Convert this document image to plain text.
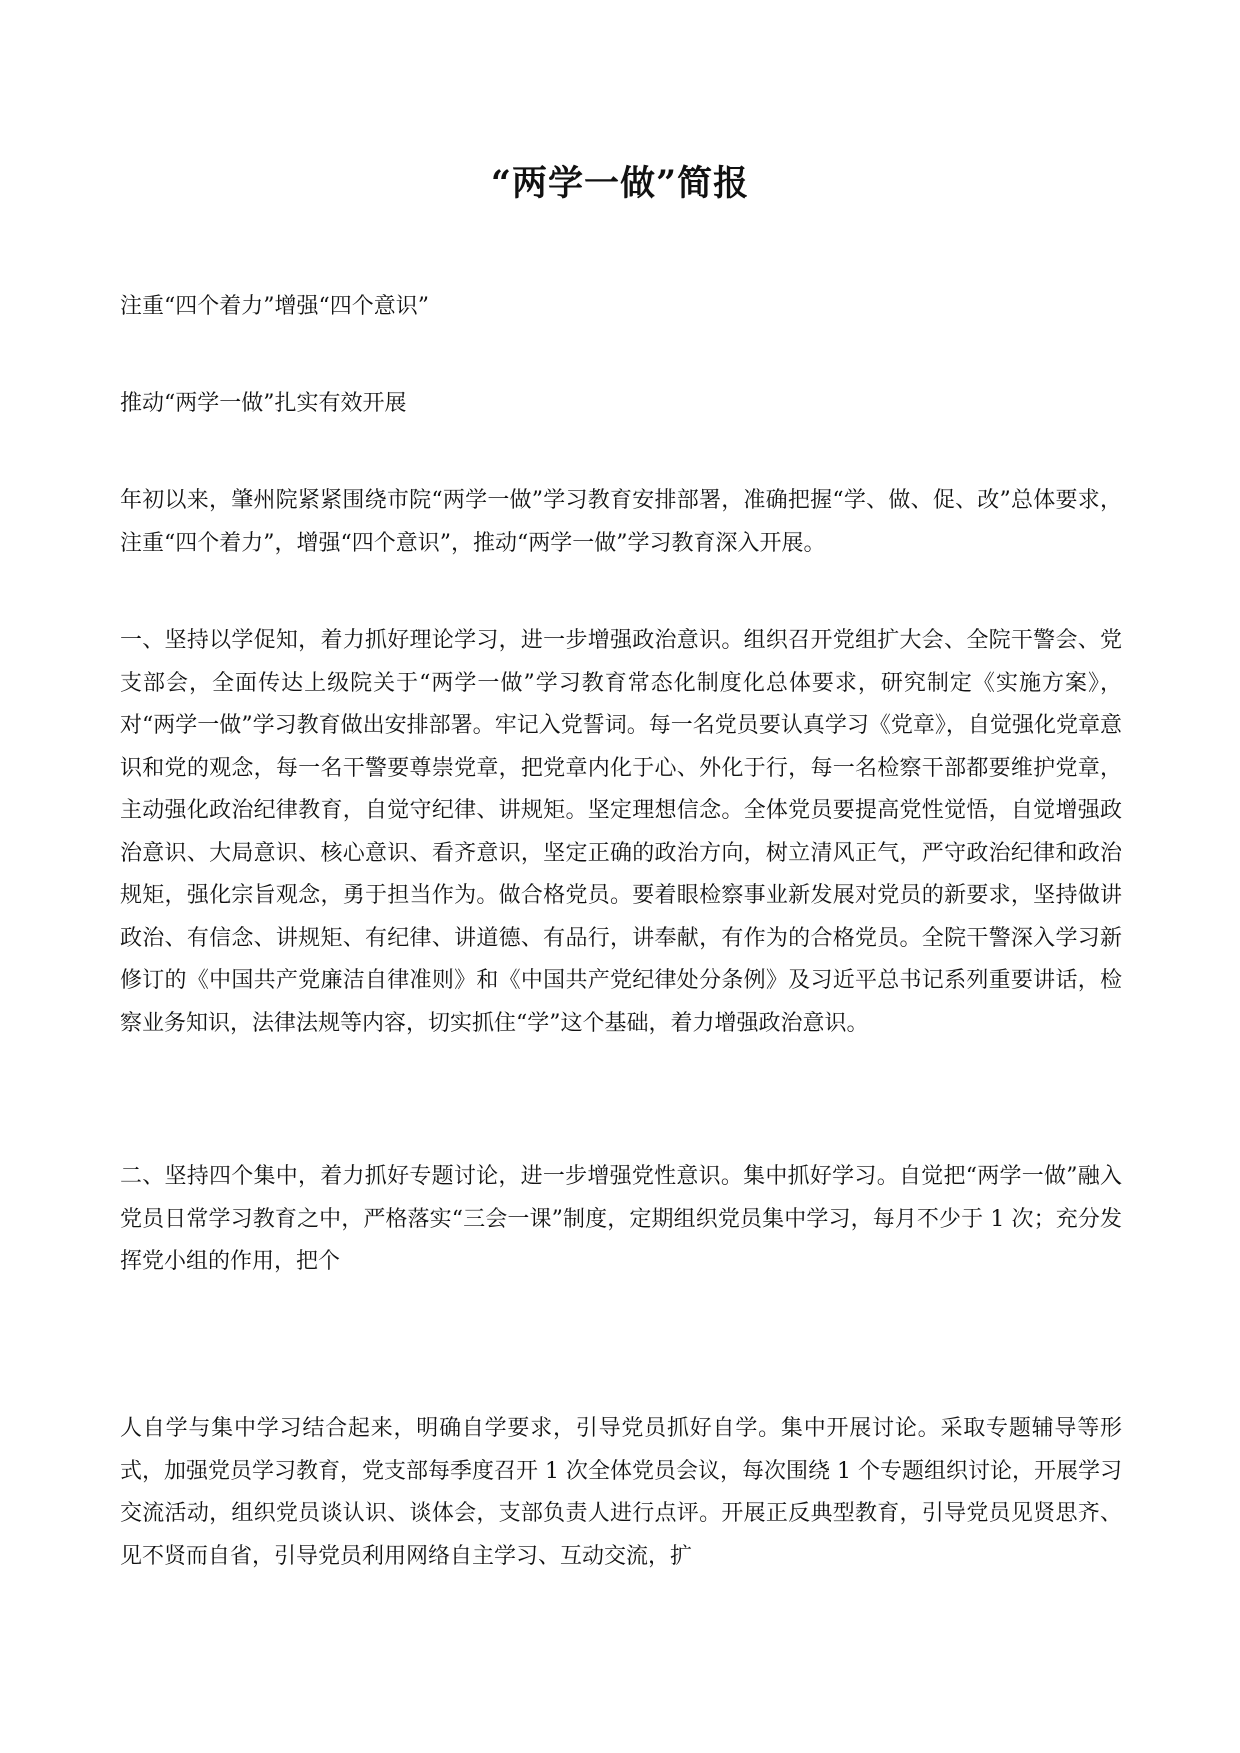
“两学一做”简报

注重“四个着力”增强“四个意识”

推动“两学一做”扎实有效开展

年初以来，肇州院紧紧围绕市院“两学一做”学习教育安排部署，准确把握“学、做、促、改”总体要求，注重“四个着力”，增强“四个意识”，推动“两学一做”学习教育深入开展。

一、坚持以学促知，着力抓好理论学习，进一步增强政治意识。组织召开党组扩大会、全院干警会、党支部会，全面传达上级院关于“两学一做”学习教育常态化制度化总体要求，研究制定《实施方案》，对“两学一做”学习教育做出安排部署。牢记入党誓词。每一名党员要认真学习《党章》，自觉强化党章意识和党的观念，每一名干警要尊崇党章，把党章内化于心、外化于行，每一名检察干部都要维护党章，主动强化政治纪律教育，自觉守纪律、讲规矩。坚定理想信念。全体党员要提高党性觉悟，自觉增强政治意识、大局意识、核心意识、看齐意识，坚定正确的政治方向，树立清风正气，严守政治纪律和政治规矩，强化宗旨观念，勇于担当作为。做合格党员。要着眼检察事业新发展对党员的新要求，坚持做讲政治、有信念、讲规矩、有纪律、讲道德、有品行，讲奉献，有作为的合格党员。全院干警深入学习新修订的《中国共产党廉洁自律准则》和《中国共产党纪律处分条例》及习近平总书记系列重要讲话，检察业务知识，法律法规等内容，切实抓住“学”这个基础，着力增强政治意识。

二、坚持四个集中，着力抓好专题讨论，进一步增强党性意识。集中抓好学习。自觉把“两学一做”融入党员日常学习教育之中，严格落实“三会一课”制度，定期组织党员集中学习，每月不少于 1 次；充分发挥党小组的作用，把个

人自学与集中学习结合起来，明确自学要求，引导党员抓好自学。集中开展讨论。采取专题辅导等形式，加强党员学习教育，党支部每季度召开 1 次全体党员会议，每次围绕 1 个专题组织讨论，开展学习交流活动，组织党员谈认识、谈体会，支部负责人进行点评。开展正反典型教育，引导党员见贤思齐、见不贤而自省，引导党员利用网络自主学习、互动交流，扩
